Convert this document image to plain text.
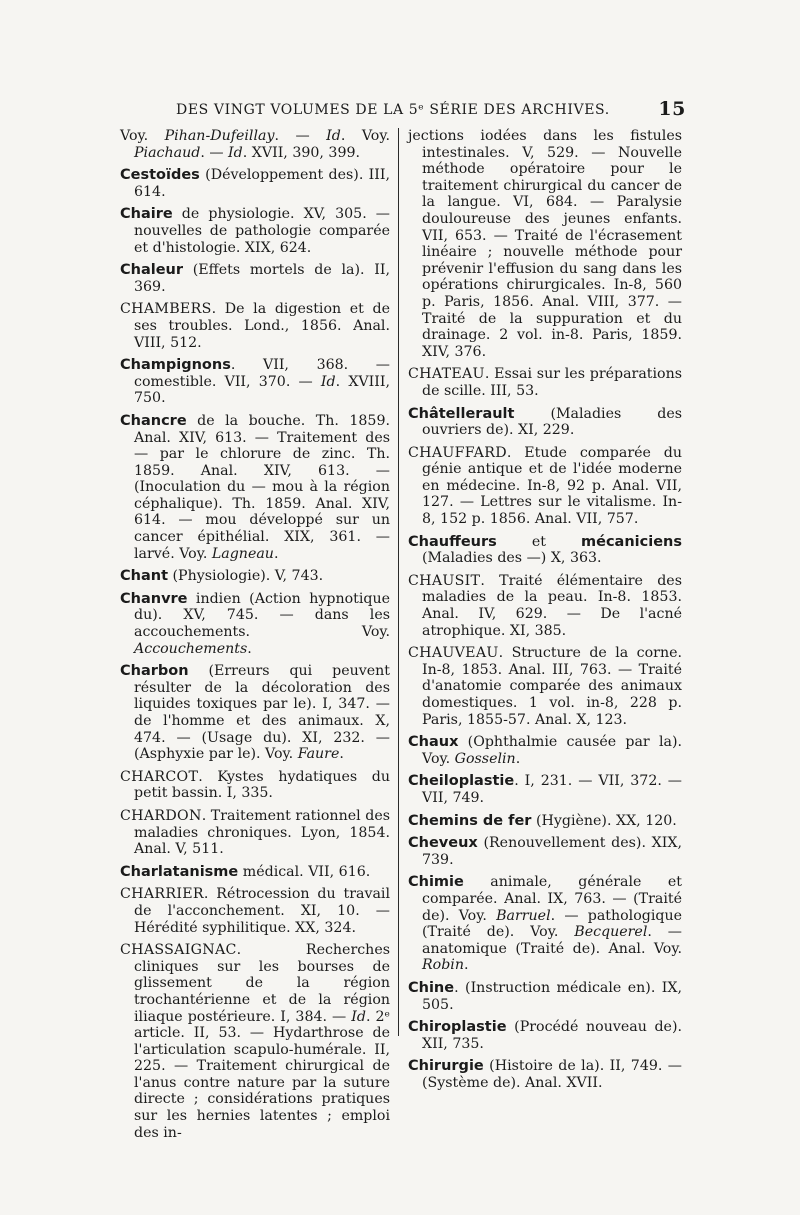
DES VINGT VOLUMES DE LA 5ᵉ SÉRIE DES ARCHIVES.	15

Voy. Pihan-Dufeillay. — Id. Voy. Piachaud. — Id. XVII, 390, 399.

Cestoïdes (Développement des). III, 614.

Chaire de physiologie. XV, 305. — nouvelles de pathologie comparée et d'histologie. XIX, 624.

Chaleur (Effets mortels de la). II, 369.

CHAMBERS. De la digestion et de ses troubles. Lond., 1856. Anal. VIII, 512.

Champignons. VII, 368. — comestible. VII, 370. — Id. XVIII, 750.

Chancre de la bouche. Th. 1859. Anal. XIV, 613. — Traitement des — par le chlorure de zinc. Th. 1859. Anal. XIV, 613. — (Inoculation du — mou à la région céphalique). Th. 1859. Anal. XIV, 614. — mou développé sur un cancer épithélial. XIX, 361. — larvé. Voy. Lagneau.

Chant (Physiologie). V, 743.

Chanvre indien (Action hypnotique du). XV, 745. — dans les accouchements. Voy. Accouchements.

Charbon (Erreurs qui peuvent résulter de la décoloration des liquides toxiques par le). I, 347. — de l'homme et des animaux. X, 474. — (Usage du). XI, 232. — (Asphyxie par le). Voy. Faure.

CHARCOT. Kystes hydatiques du petit bassin. I, 335.

CHARDON. Traitement rationnel des maladies chroniques. Lyon, 1854. Anal. V, 511.

Charlatanisme médical. VII, 616.

CHARRIER. Rétrocession du travail de l'acconchement. XI, 10. — Hérédité syphilitique. XX, 324.

CHASSAIGNAC. Recherches cliniques sur les bourses de glissement de la région trochantérienne et de la région iliaque postérieure. I, 384. — Id. 2ᵉ article. II, 53. — Hydarthrose de l'articulation scapulo-humérale. II, 225. — Traitement chirurgical de l'anus contre nature par la suture directe ; considérations pratiques sur les hernies latentes ; emploi des in-

jections iodées dans les fistules intestinales. V, 529. — Nouvelle méthode opératoire pour le traitement chirurgical du cancer de la langue. VI, 684. — Paralysie douloureuse des jeunes enfants. VII, 653. — Traité de l'écrasement linéaire ; nouvelle méthode pour prévenir l'effusion du sang dans les opérations chirurgicales. In-8, 560 p. Paris, 1856. Anal. VIII, 377. — Traité de la suppuration et du drainage. 2 vol. in-8. Paris, 1859. XIV, 376.

CHATEAU. Essai sur les préparations de scille. III, 53.

Châtellerault (Maladies des ouvriers de). XI, 229.

CHAUFFARD. Etude comparée du génie antique et de l'idée moderne en médecine. In-8, 92 p. Anal. VII, 127. — Lettres sur le vitalisme. In-8, 152 p. 1856. Anal. VII, 757.

Chauffeurs et mécaniciens (Maladies des —) X, 363.

CHAUSIT. Traité élémentaire des maladies de la peau. In-8. 1853. Anal. IV, 629. — De l'acné atrophique. XI, 385.

CHAUVEAU. Structure de la corne. In-8, 1853. Anal. III, 763. — Traité d'anatomie comparée des animaux domestiques. 1 vol. in-8, 228 p. Paris, 1855-57. Anal. X, 123.

Chaux (Ophthalmie causée par la). Voy. Gosselin.

Cheiloplastie. I, 231. — VII, 372. — VII, 749.

Chemins de fer (Hygiène). XX, 120.

Cheveux (Renouvellement des). XIX, 739.

Chimie animale, générale et comparée. Anal. IX, 763. — (Traité de). Voy. Barruel. — pathologique (Traité de). Voy. Becquerel. — anatomique (Traité de). Anal. Voy. Robin.

Chine. (Instruction médicale en). IX, 505.

Chiroplastie (Procédé nouveau de). XII, 735.

Chirurgie (Histoire de la). II, 749. — (Système de). Anal. XVII.
